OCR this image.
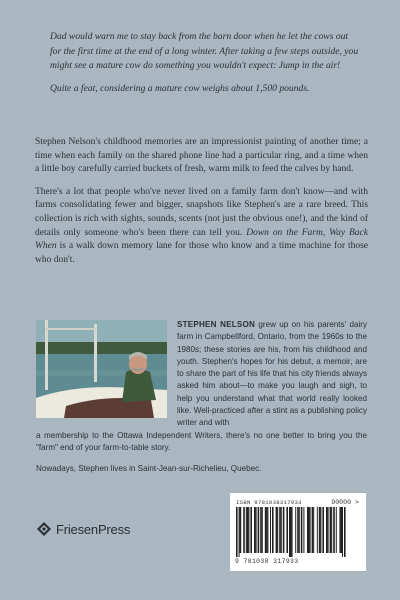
Dad would warn me to stay back from the barn door when he let the cows out for the first time at the end of a long winter. After taking a few steps outside, you might see a mature cow do something you wouldn't expect: Jump in the air!

Quite a feat, considering a mature cow weighs about 1,500 pounds.

Stephen Nelson's childhood memories are an impressionist painting of another time; a time when each family on the shared phone line had a particular ring, and a time when a little boy carefully carried buckets of fresh, warm milk to feed the calves by hand.

There's a lot that people who've never lived on a family farm don't know—and with farms consolidating fewer and bigger, snapshots like Stephen's are a rare breed. This collection is rich with sights, sounds, scents (not just the obvious one!), and the kind of details only someone who's been there can tell you. Down on the Farm, Way Back When is a walk down memory lane for those who know and a time machine for those who don't.

STEPHEN NELSON grew up on his parents' dairy farm in Campbellford, Ontario, from the 1960s to the 1980s; these stories are his, from his childhood and youth. Stephen's hopes for his debut, a memoir, are to share the part of his life that his city friends always asked him about—to make you laugh and sigh, to help you understand what that world really looked like. Well-practiced after a stint as a publishing policy writer and with
a membership to the Ottawa Independent Writers, there's no one better to bring you the "farm" end of your farm-to-table story.
Nowadays, Stephen lives in Saint-Jean-sur-Richelieu, Quebec.
FriesenPress
ISBN 9781038317933	90000 >
9 781038 317933
